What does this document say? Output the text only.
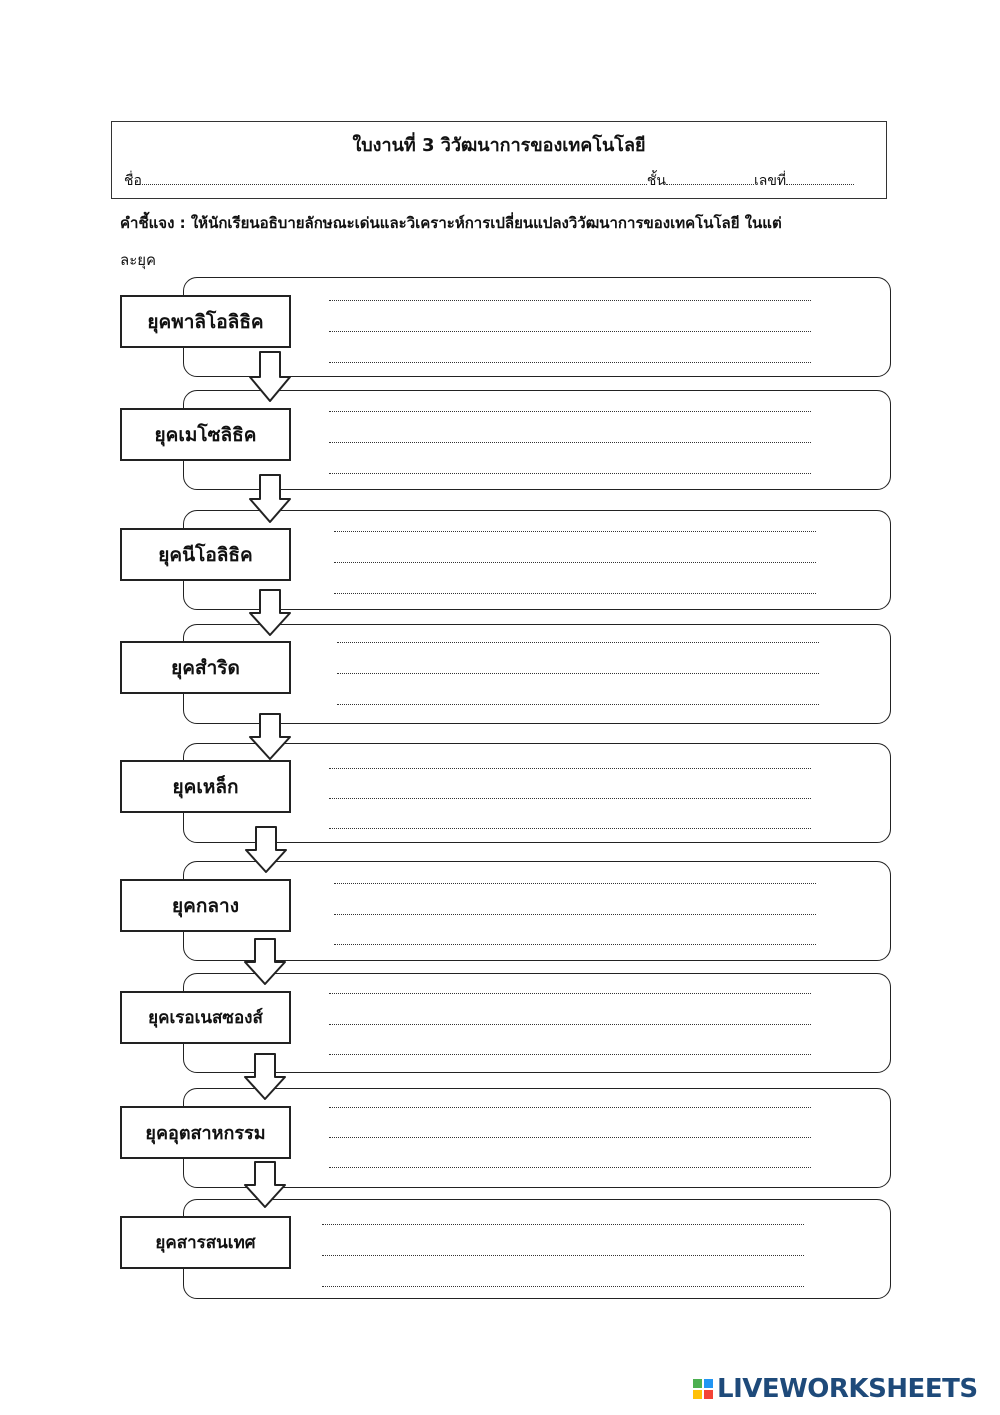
ใบงานที่ 3 วิวัฒนาการของเทคโนโลยี
ชื่อ	ชั้น	เลขที่
คำชี้แจง : ให้นักเรียนอธิบายลักษณะเด่นและวิเคราะห์การเปลี่ยนแปลงวิวัฒนาการของเทคโนโลยี ในแต่
ละยุค
ยุคพาลิโอลิธิค
ยุคเมโซลิธิค
ยุคนีโอลิธิค
ยุคสำริด
ยุคเหล็ก
ยุคกลาง
ยุคเรอเนสซองส์
ยุคอุตสาหกรรม
ยุคสารสนเทศ
LIVEWORKSHEETS
